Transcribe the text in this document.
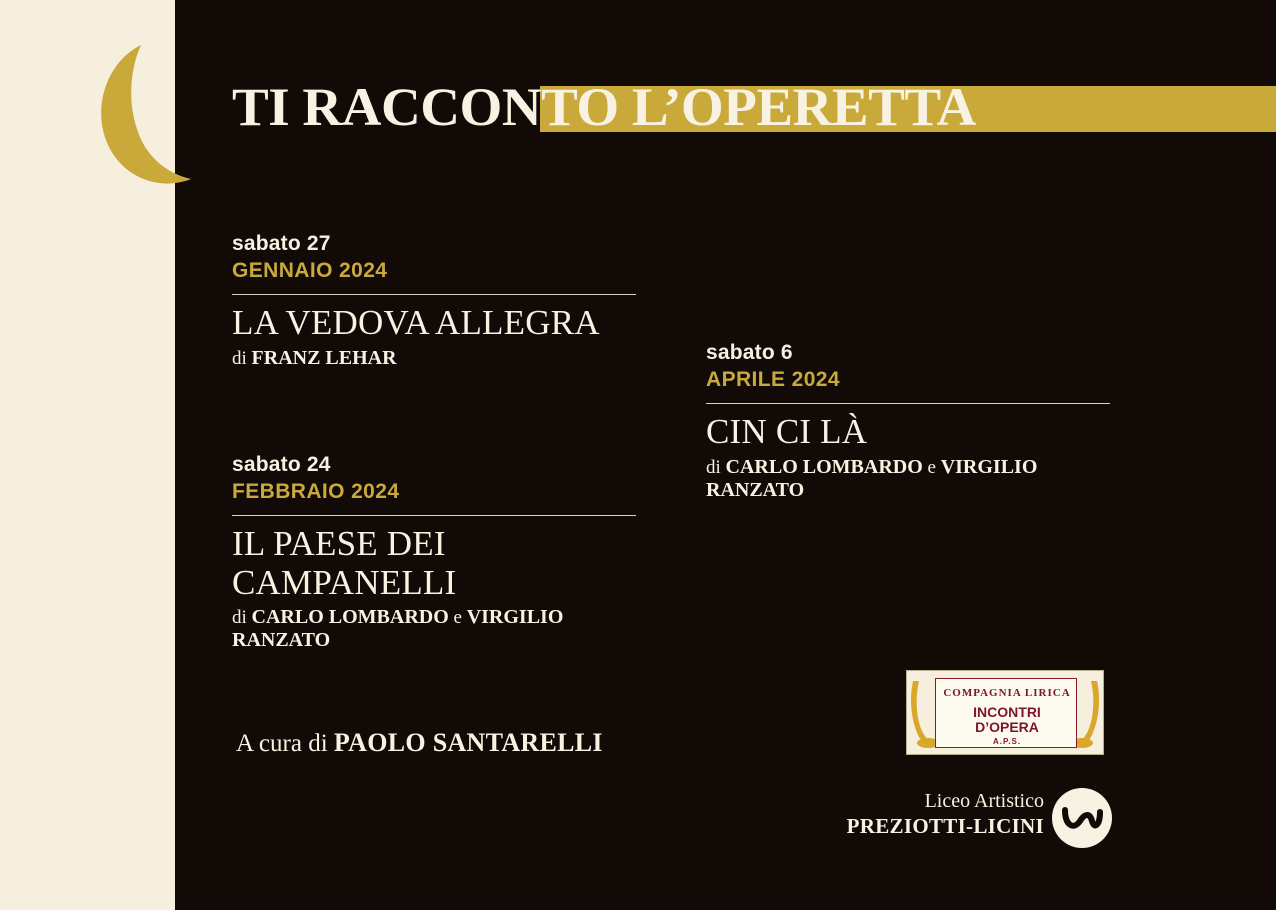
TI RACCONTO L’OPERETTA
sabato 27
GENNAIO 2024
LA VEDOVA ALLEGRA
di FRANZ LEHAR
sabato 24
FEBBRAIO 2024
IL PAESE DEI CAMPANELLI
di CARLO LOMBARDO e VIRGILIO RANZATO
sabato 6
APRILE 2024
CIN CI LÀ
di CARLO LOMBARDO e VIRGILIO RANZATO
A cura di PAOLO SANTARELLI
COMPAGNIA LIRICA
INCONTRI
D’OPERA
A.P.S.
Liceo Artistico
PREZIOTTI-LICINI
